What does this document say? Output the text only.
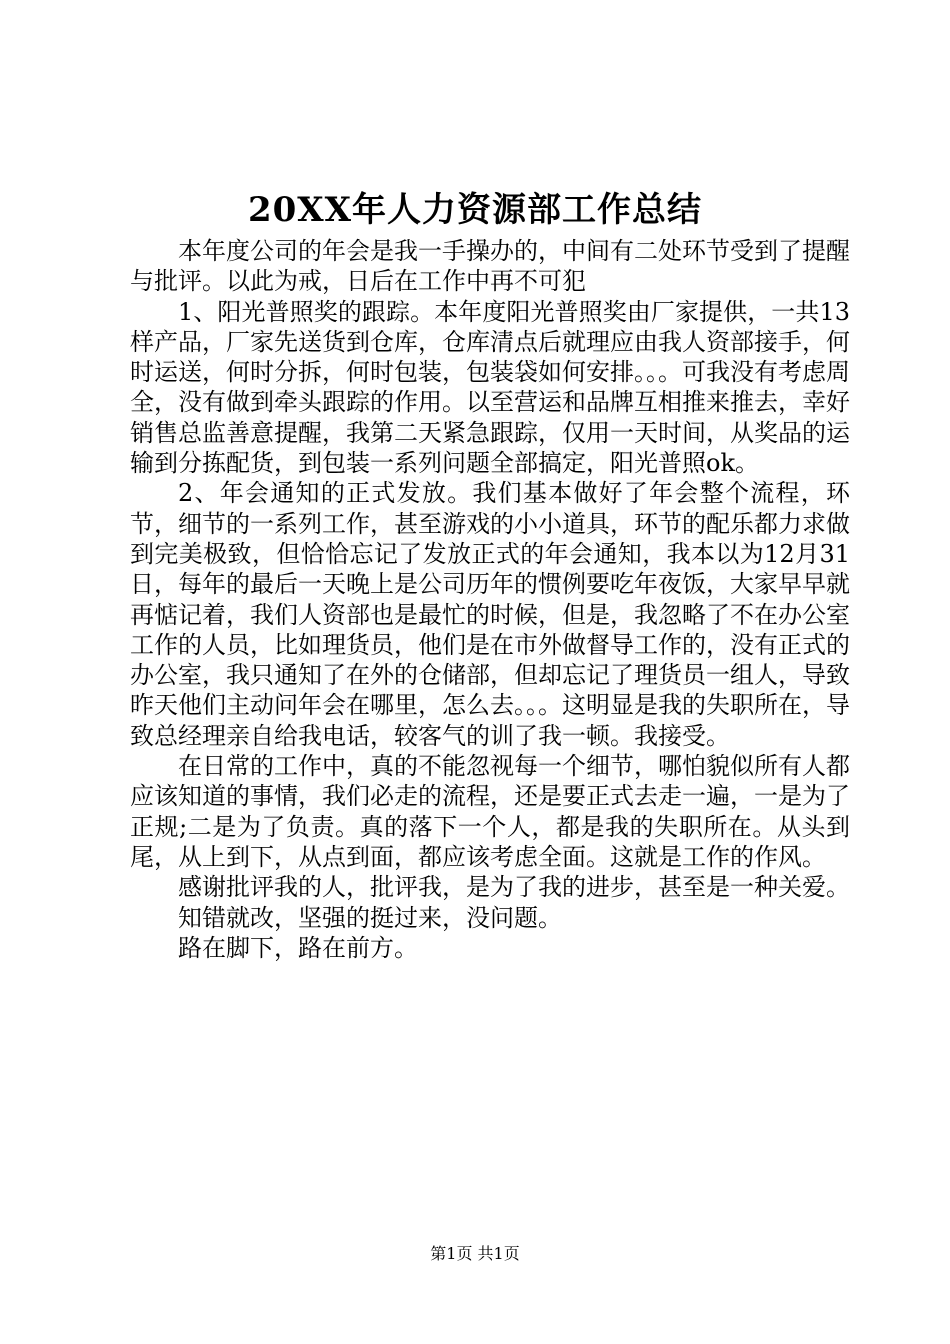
20XX年人力资源部工作总结

本年度公司的年会是我一手操办的，中间有二处环节受到了提醒与批评。以此为戒，日后在工作中再不可犯

1、阳光普照奖的跟踪。本年度阳光普照奖由厂家提供，一共13样产品，厂家先送货到仓库，仓库清点后就理应由我人资部接手，何时运送，何时分拆，何时包装，包装袋如何安排。。。可我没有考虑周全，没有做到牵头跟踪的作用。以至营运和品牌互相推来推去，幸好销售总监善意提醒，我第二天紧急跟踪，仅用一天时间，从奖品的运输到分拣配货，到包装一系列问题全部搞定，阳光普照ok。

2、年会通知的正式发放。我们基本做好了年会整个流程，环节，细节的一系列工作，甚至游戏的小小道具，环节的配乐都力求做到完美极致，但恰恰忘记了发放正式的年会通知，我本以为12月31日，每年的最后一天晚上是公司历年的惯例要吃年夜饭，大家早早就再惦记着，我们人资部也是最忙的时候，但是，我忽略了不在办公室工作的人员，比如理货员，他们是在市外做督导工作的，没有正式的办公室，我只通知了在外的仓储部，但却忘记了理货员一组人，导致昨天他们主动问年会在哪里，怎么去。。。这明显是我的失职所在，导致总经理亲自给我电话，较客气的训了我一顿。我接受。

在日常的工作中，真的不能忽视每一个细节，哪怕貌似所有人都应该知道的事情，我们必走的流程，还是要正式去走一遍，一是为了正规;二是为了负责。真的落下一个人，都是我的失职所在。从头到尾，从上到下，从点到面，都应该考虑全面。这就是工作的作风。

感谢批评我的人，批评我，是为了我的进步，甚至是一种关爱。

知错就改，坚强的挺过来，没问题。

路在脚下，路在前方。

第1页 共1页
